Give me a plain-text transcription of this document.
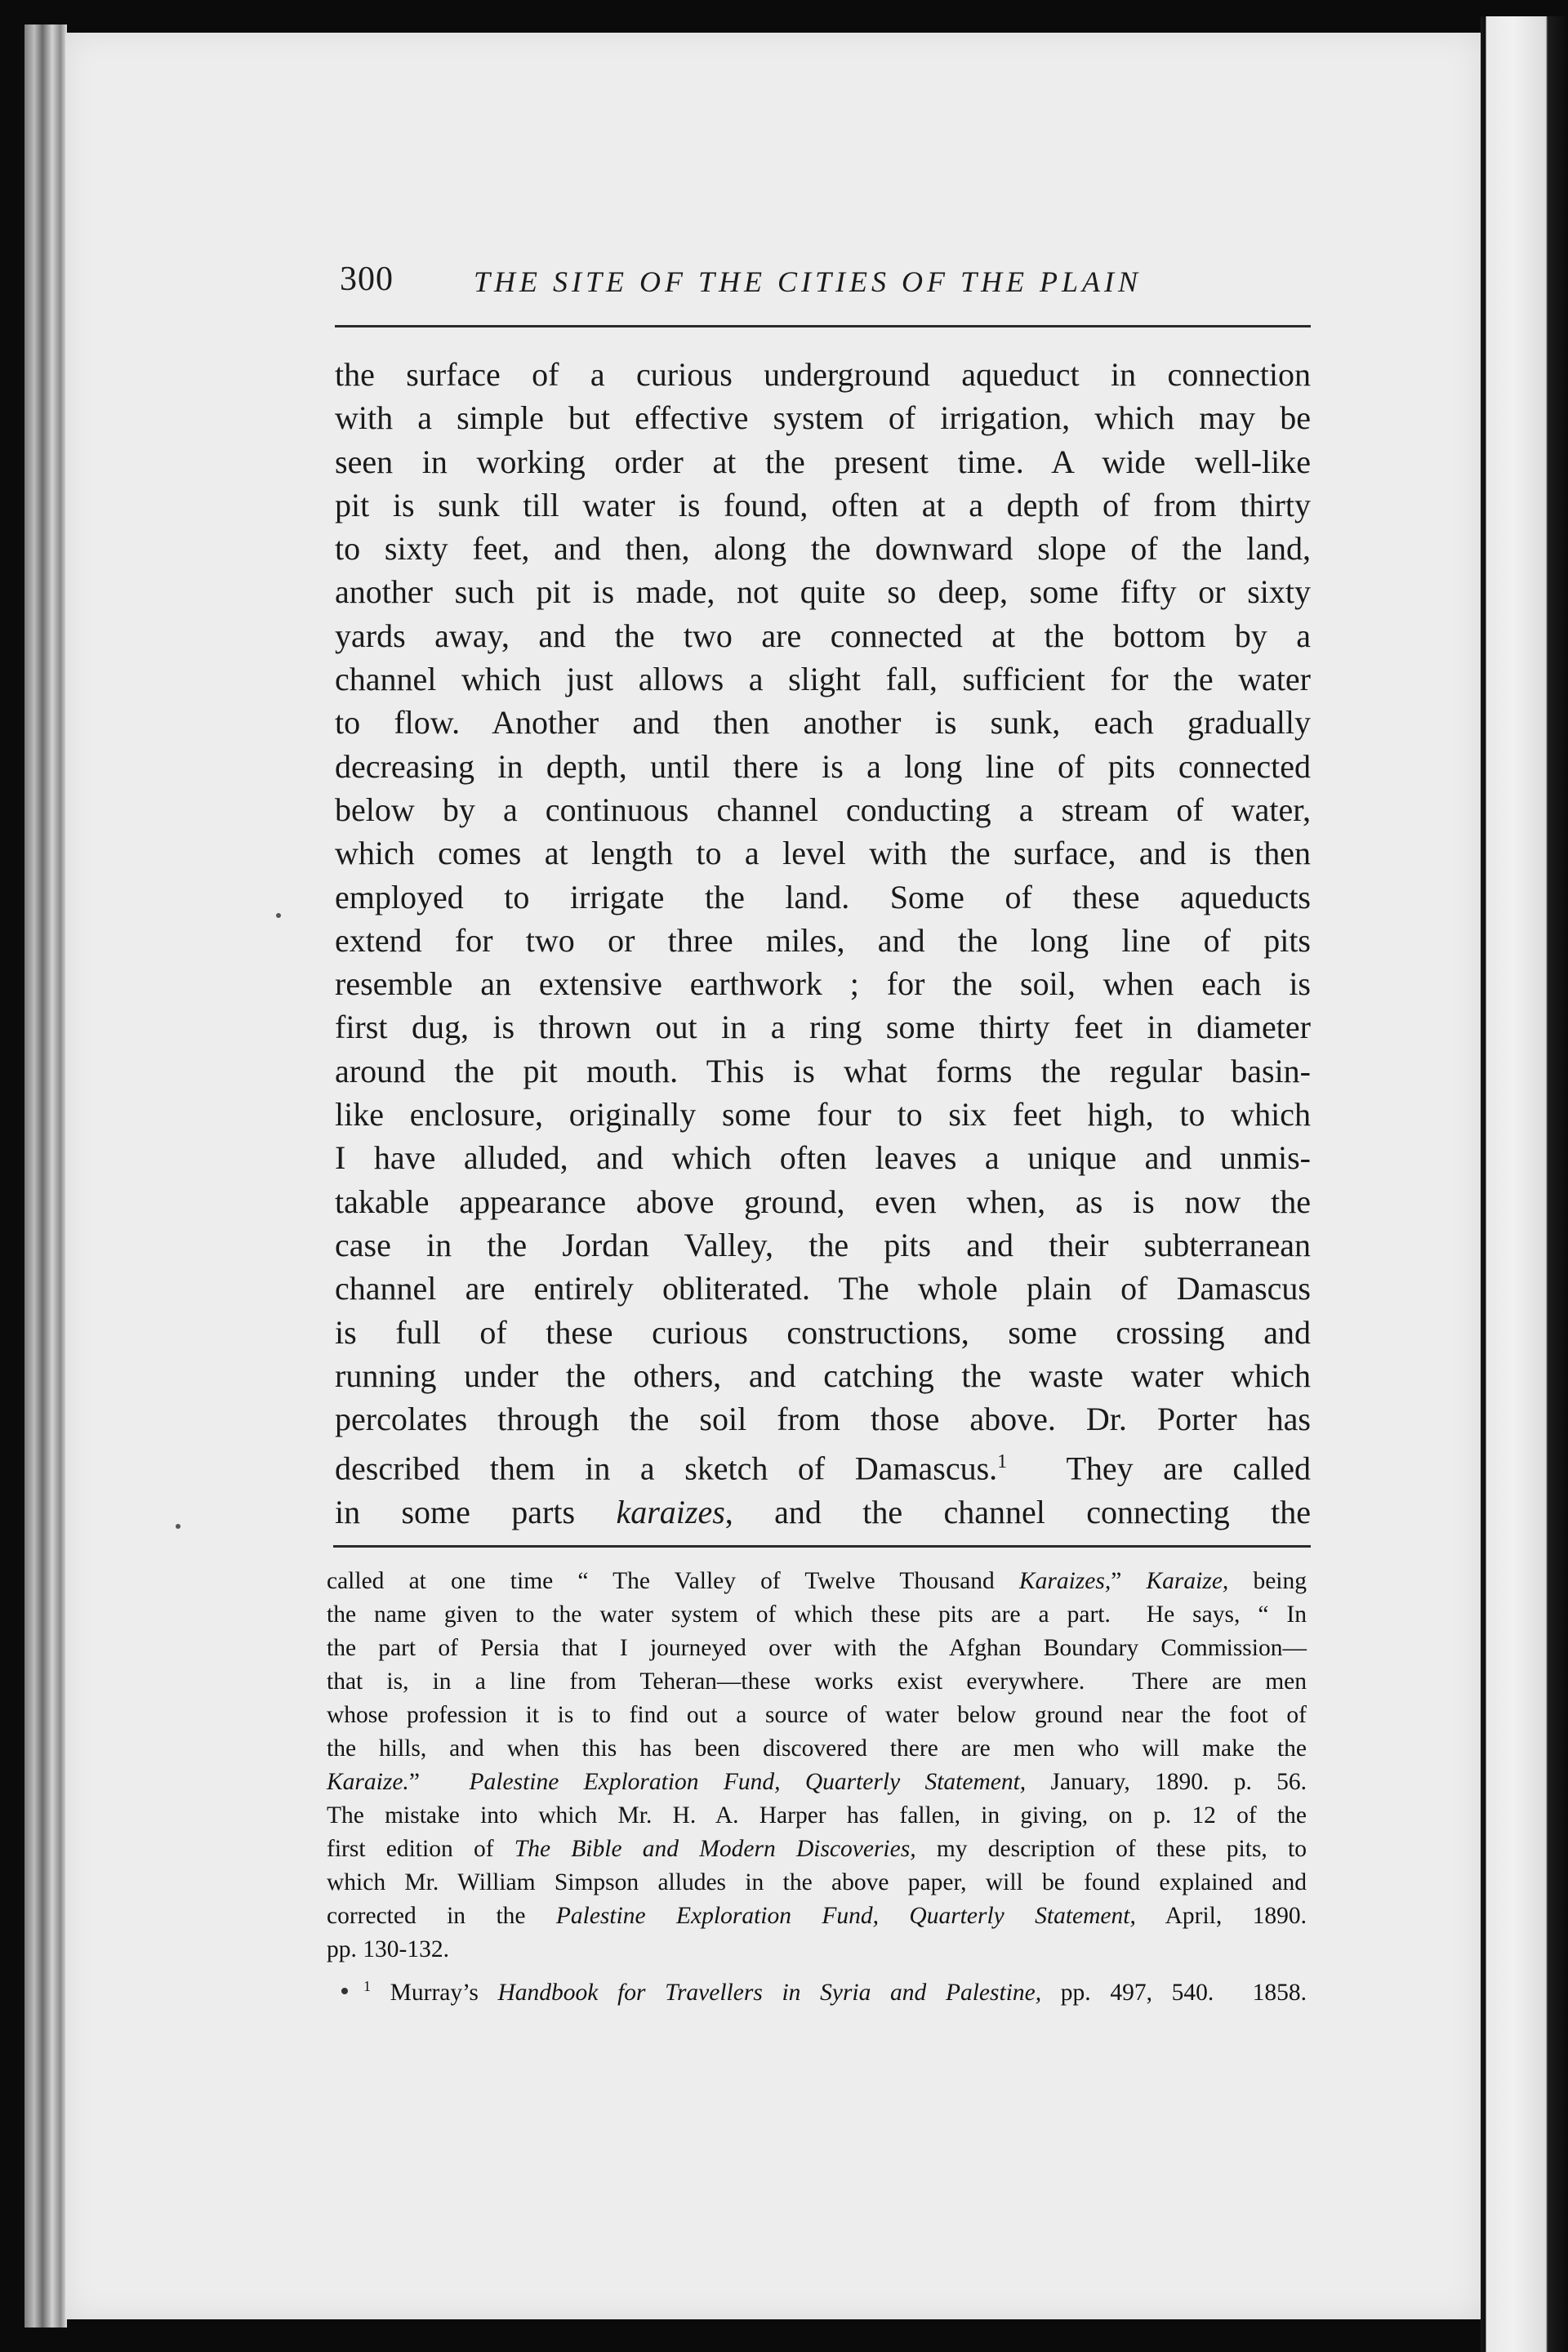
300	THE SITE OF THE CITIES OF THE PLAIN
the surface of a curious underground aqueduct in connection
with a simple but effective system of irrigation, which may be
seen in working order at the present time. A wide well-like
pit is sunk till water is found, often at a depth of from thirty
to sixty feet, and then, along the downward slope of the land,
another such pit is made, not quite so deep, some fifty or sixty
yards away, and the two are connected at the bottom by a
channel which just allows a slight fall, sufficient for the water
to flow. Another and then another is sunk, each gradually
decreasing in depth, until there is a long line of pits connected
below by a continuous channel conducting a stream of water,
which comes at length to a level with the surface, and is then
employed to irrigate the land. Some of these aqueducts
extend for two or three miles, and the long line of pits
resemble an extensive earthwork ; for the soil, when each is
first dug, is thrown out in a ring some thirty feet in diameter
around the pit mouth. This is what forms the regular basin-
like enclosure, originally some four to six feet high, to which
I have alluded, and which often leaves a unique and unmis-
takable appearance above ground, even when, as is now the
case in the Jordan Valley, the pits and their subterranean
channel are entirely obliterated. The whole plain of Damascus
is full of these curious constructions, some crossing and
running under the others, and catching the waste water which
percolates through the soil from those above. Dr. Porter has
described them in a sketch of Damascus.$^1$  They are called
in some parts karaizes, and the channel connecting the
called at one time “ The Valley of Twelve Thousand Karaizes,” Karaize, being
the name given to the water system of which these pits are a part.  He says, “ In
the part of Persia that I journeyed over with the Afghan Boundary Commission—
that is, in a line from Teheran—these works exist everywhere.  There are men
whose profession it is to find out a source of water below ground near the foot of
the hills, and when this has been discovered there are men who will make the
Karaize.”  Palestine Exploration Fund, Quarterly Statement, January, 1890. p. 56.
The mistake into which Mr. H. A. Harper has fallen, in giving, on p. 12 of the
first edition of The Bible and Modern Discoveries, my description of these pits, to
which Mr. William Simpson alludes in the above paper, will be found explained and
corrected in the Palestine Exploration Fund, Quarterly Statement, April, 1890.
pp. 130-132.
$^1$ Murray’s Handbook for Travellers in Syria and Palestine, pp. 497, 540.  1858.
